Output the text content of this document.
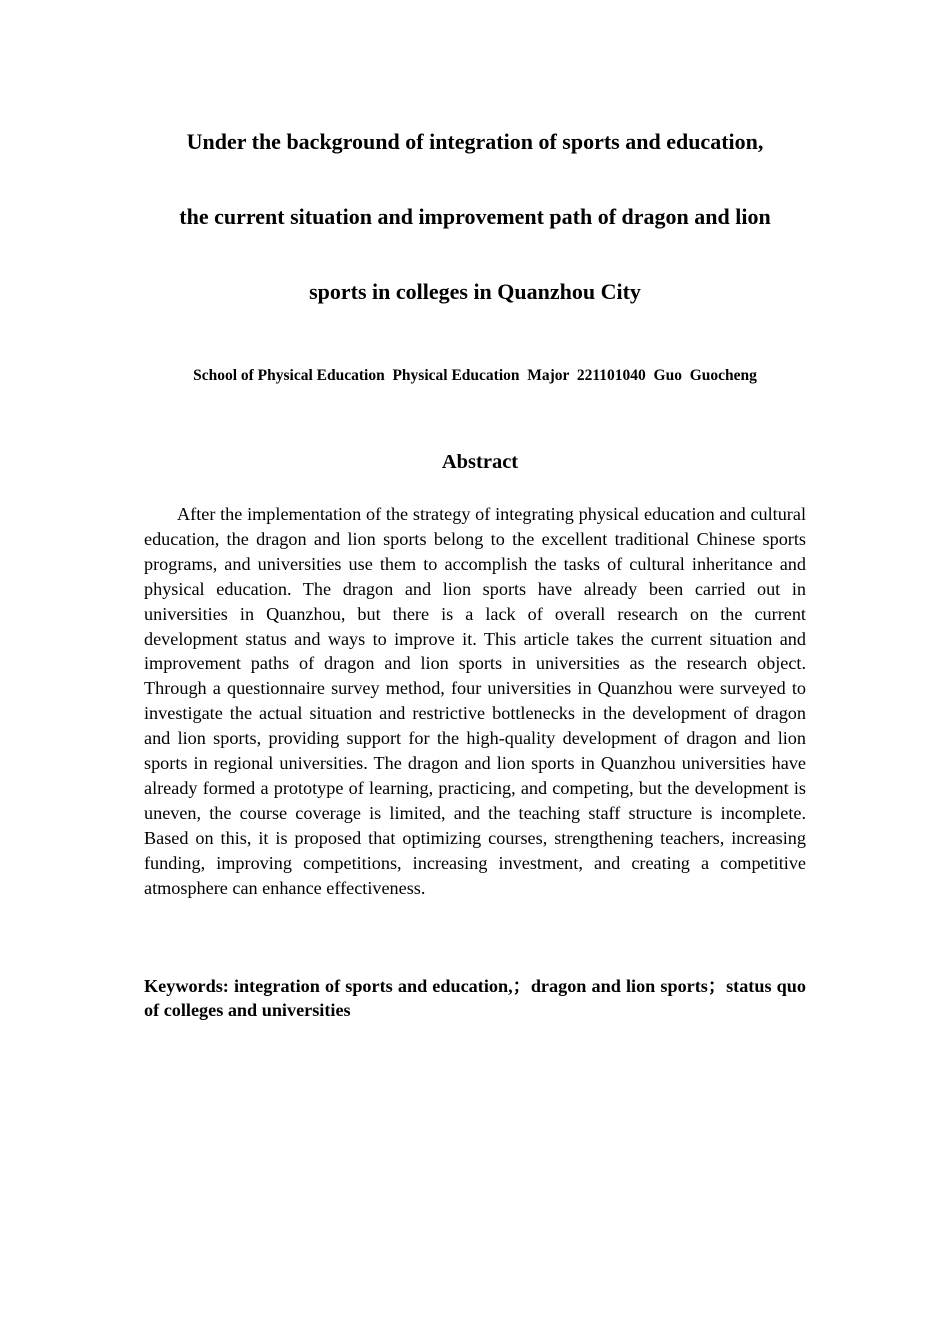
Under the background of integration of sports and education,
the current situation and improvement path of dragon and lion
sports in colleges in Quanzhou City

School of Physical Education  Physical Education  Major  221101040  Guo  Guocheng

Abstract

After the implementation of the strategy of integrating physical education and cultural education, the dragon and lion sports belong to the excellent traditional Chinese sports programs, and universities use them to accomplish the tasks of cultural inheritance and physical education. The dragon and lion sports have already been carried out in universities in Quanzhou, but there is a lack of overall research on the current development status and ways to improve it. This article takes the current situation and improvement paths of dragon and lion sports in universities as the research object. Through a questionnaire survey method, four universities in Quanzhou were surveyed to investigate the actual situation and restrictive bottlenecks in the development of dragon and lion sports, providing support for the high-quality development of dragon and lion sports in regional universities. The dragon and lion sports in Quanzhou universities have already formed a prototype of learning, practicing, and competing, but the development is uneven, the course coverage is limited, and the teaching staff structure is incomplete. Based on this, it is proposed that optimizing courses, strengthening teachers, increasing funding, improving competitions, increasing investment, and creating a competitive atmosphere can enhance effectiveness.

Keywords: integration of sports and education,；dragon and lion sports；status quo of colleges and universities
